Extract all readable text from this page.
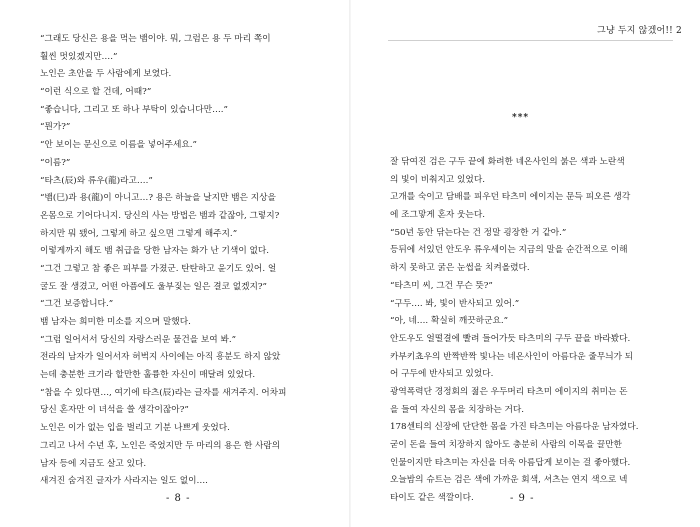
“그래도 당신은 용을 먹는 뱀이야. 뭐, 그럼은 용 두 마리 쪽이
훨씬 멋있겠지만….”
노인은 초안을 두 사람에게 보였다.
“이런 식으로 할 건데, 어때?”
“좋습니다, 그리고 또 하나 부탁이 있습니다만….”
“뭔가?”
“안 보이는 문신으로 이름을 넣어주세요.”
“이름?”
“타츠(辰)와 류우(龍)라고….”
“뱀(巳)과 용(龍)이 아니고…? 용은 하늘을 날지만 뱀은 지상을
온몸으로 기어다니지. 당신의 사는 방법은 뱀과 같잖아, 그렇지?
하지만 뭐 됐어, 그렇게 하고 싶으면 그렇게 해주지.”
이렇게까지 해도 뱀 취급을 당한 남자는 화가 난 기색이 없다.
“그건 그렇고 참 좋은 피부를 가졌군. 탄탄하고 윤기도 있어. 얼
굴도 잘 생겼고, 어떤 아픔에도 울부짖는 일은 결코 없겠지?”
“그건 보증합니다.”
뱀 남자는 희미한 미소를 지으며 말했다.
“그럼 일어서서 당신의 자랑스러운 물건을 보여 봐.”
전라의 남자가 일어서자 허벅지 사이에는 아직 흥분도 하지 않았
는데 충분한 크기라 할만한 훌륭한 자신이 매달려 있었다.
“참을 수 있다면…, 여기에 타츠(辰)라는 글자를 새겨주지. 어차피
당신 혼자만 이 녀석을 쓸 생각이잖아?”
노인은 이가 없는 입을 벌리고 기분 나쁘게 웃었다.
그리고 나서 수년 후, 노인은 죽었지만 두 마리의 용은 한 사람의
남자 등에 지금도 살고 있다.
새겨진 숨겨진 글자가 사라지는 일도 없이….
- 8 -
그냥 두지 않겠어!! 2
***
잘 닦여진 검은 구두 끝에 화려한 네온사인의 붉은 색과 노란색
의 빛이 비춰지고 있었다.
고개를 숙이고 담배를 피우던 타츠미 에이지는 문득 피오른 생각
에 조그맣게 혼자 웃는다.
“50년 동안 닦는다는 건 정말 굉장한 거 같아.”
등뒤에 서있던 안도우 류우세이는 지금의 말을 순간적으로 이해
하지 못하고 굵은 눈썹을 치켜올렸다.
“타츠미 씨, 그건 무슨 뜻?”
“구두…. 봐, 빛이 반사되고 있어.”
“아, 네…. 확실히 깨끗하군요.”
안도우도 얼떨결에 빨려 들어가듯 타츠미의 구두 끝을 바라봤다.
카부키쵸우의 반짝반짝 빛나는 네온사인이 아름다운 줄무늬가 되
어 구두에 반사되고 있었다.
광역폭력단 경정회의 젊은 우두머리 타츠미 에이지의 취미는 돈
을 들여 자신의 몸을 치장하는 거다.
178센티의 신장에 단단한 몸을 가진 타츠미는 아름다운 남자였다.
굳이 돈을 들여 치장하지 않아도 충분히 사람의 이목을 끌만한
인물이지만 타츠미는 자신을 더욱 아름답게 보이는 걸 좋아했다.
오늘밤의 슈트는 검은 색에 가까운 회색, 셔츠는 연지 색으로 넥
타이도 같은 색깔이다.	- 9 -
